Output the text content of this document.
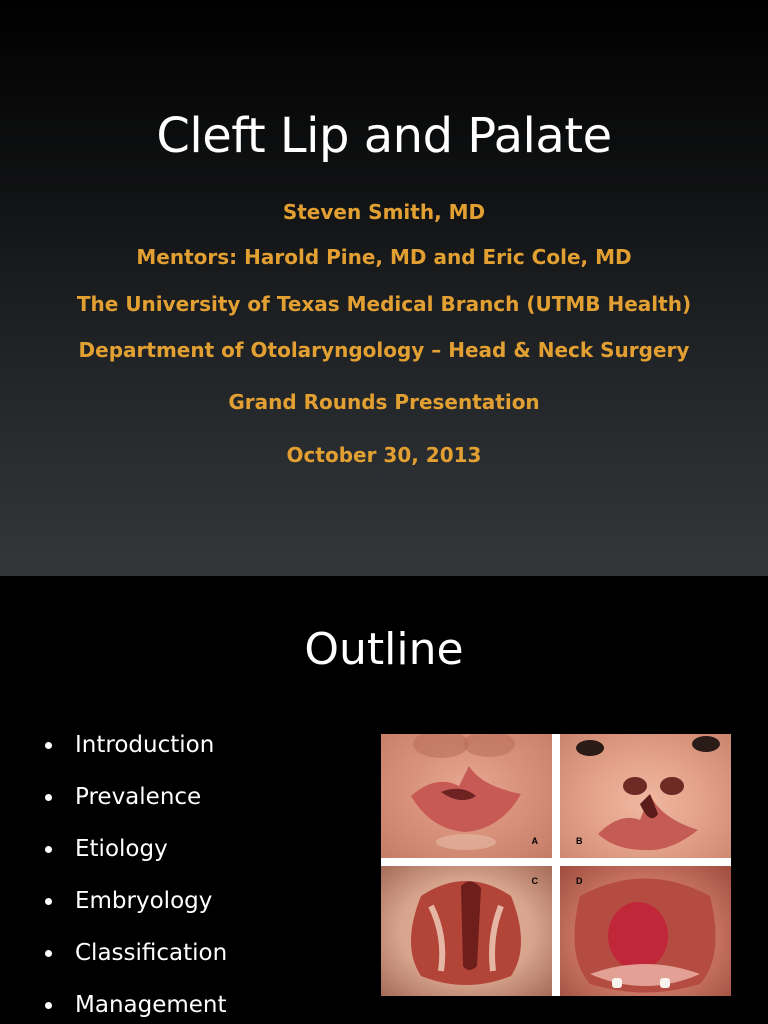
Cleft Lip and Palate
Steven Smith, MD
Mentors: Harold Pine, MD and Eric Cole, MD
The University of Texas Medical Branch (UTMB Health)
Department of Otolaryngology – Head & Neck Surgery
Grand Rounds Presentation
October 30, 2013
Outline
Introduction
Prevalence
Etiology
Embryology
Classification
Management
A	B
C	D
